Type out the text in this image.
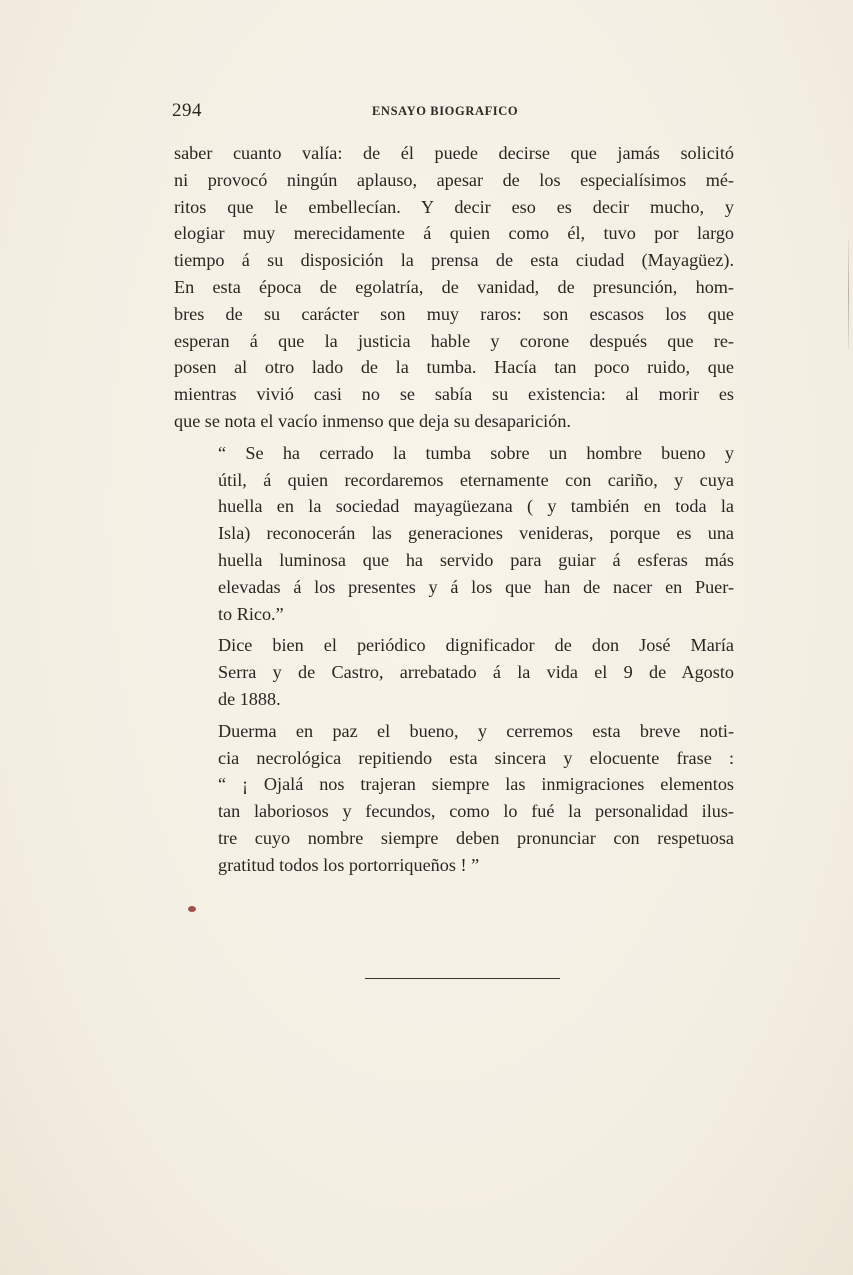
294	ENSAYO BIOGRAFICO

saber cuanto valía: de él puede decirse que jamás solicitó
ni provocó ningún aplauso, apesar de los especialísimos mé-
ritos que le embellecían. Y decir eso es decir mucho, y
elogiar muy merecidamente á quien como él, tuvo por largo
tiempo á su disposición la prensa de esta ciudad (Mayagüez).
En esta época de egolatría, de vanidad, de presunción, hom-
bres de su carácter son muy raros: son escasos los que
esperan á que la justicia hable y corone después que re-
posen al otro lado de la tumba. Hacía tan poco ruido, que
mientras vivió casi no se sabía su existencia: al morir es
que se nota el vacío inmenso que deja su desaparición.

“ Se ha cerrado la tumba sobre un hombre bueno y
útil, á quien recordaremos eternamente con cariño, y cuya
huella en la sociedad mayagüezana ( y también en toda la
Isla) reconocerán las generaciones venideras, porque es una
huella luminosa que ha servido para guiar á esferas más
elevadas á los presentes y á los que han de nacer en Puer-
to Rico.”

Dice bien el periódico dignificador de don José María
Serra y de Castro, arrebatado á la vida el 9 de Agosto
de 1888.

Duerma en paz el bueno, y cerremos esta breve noti-
cia necrológica repitiendo esta sincera y elocuente frase :
“ ¡ Ojalá nos trajeran siempre las inmigraciones elementos
tan laboriosos y fecundos, como lo fué la personalidad ilus-
tre cuyo nombre siempre deben pronunciar con respetuosa
gratitud todos los portorriqueños ! ”
